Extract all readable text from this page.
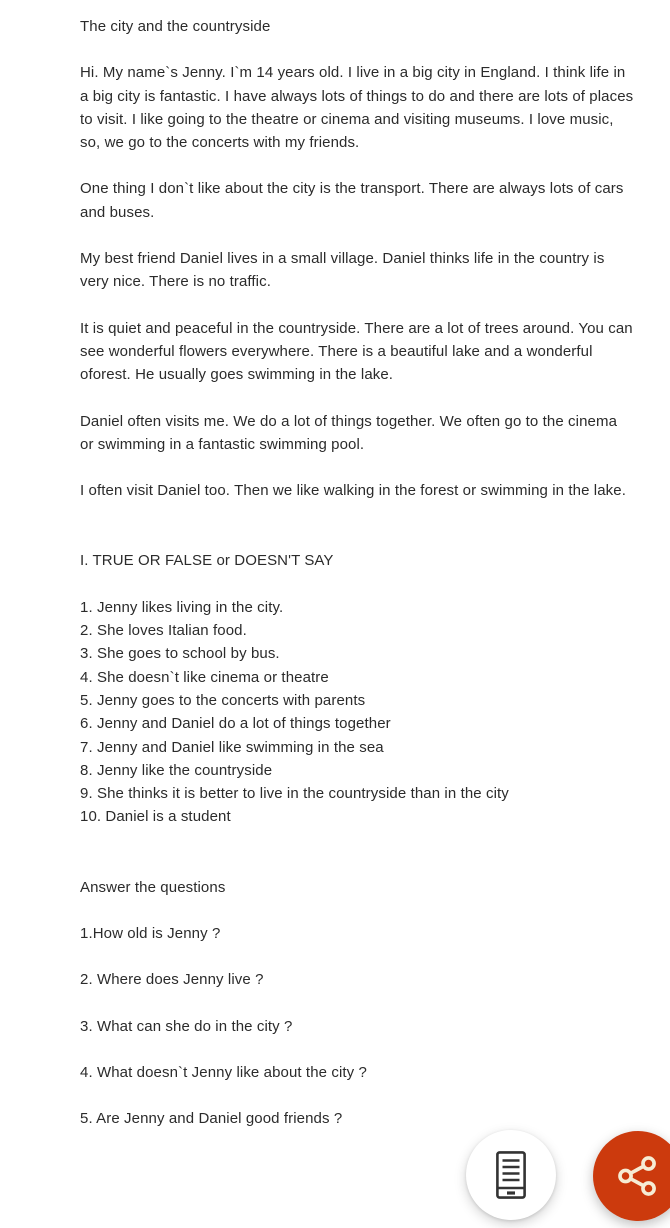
The city and the countryside

Hi. My name`s Jenny. I`m 14 years old. I live in a big city in England. I think life in a big city is fantastic. I have always lots of things to do and there are lots of places to visit. I like going to the theatre or cinema and visiting museums. I love music, so, we go to the concerts with my friends.

One thing I don`t like about the city is the transport. There are always lots of cars and buses.

My best friend Daniel lives in a small village. Daniel thinks life in the country is very nice. There is no traffic.

It is quiet and peaceful in the countryside. There are a lot of trees around. You can see wonderful flowers everywhere. There is a beautiful lake and a wonderful oforest. He usually goes swimming in the lake.

Daniel often visits me. We do a lot of things together. We often go to the cinema or swimming in a fantastic swimming pool.

I often visit Daniel too. Then we like walking in the forest or swimming in the lake.

I. TRUE OR FALSE or DOESN'T SAY

1. Jenny likes living in the city.

2. She loves Italian food.

3. She goes to school by bus.

4. She doesn`t like cinema or theatre

5. Jenny goes to the concerts with parents

6. Jenny and Daniel do a lot of things together

7. Jenny and Daniel like swimming in the sea

8. Jenny like the countryside

9. She thinks it is better to live in the countryside than in the city

10. Daniel is a student

Answer the questions

1.How old is Jenny ?

2. Where does Jenny live ?

3. What can she do in the city ?

4. What doesn`t Jenny like about the city ?

5. Are Jenny and Daniel good friends ?
